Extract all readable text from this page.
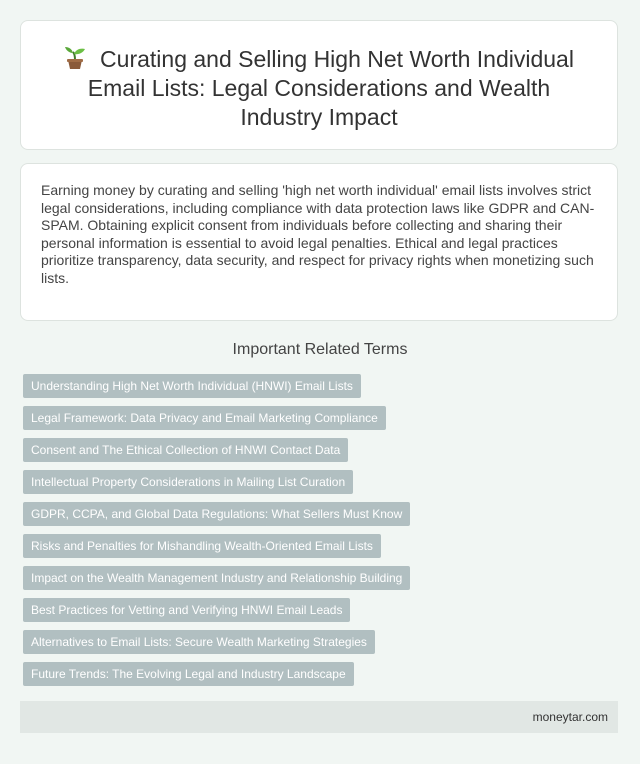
Curating and Selling High Net Worth Individual Email Lists: Legal Considerations and Wealth Industry Impact

Earning money by curating and selling 'high net worth individual' email lists involves strict legal considerations, including compliance with data protection laws like GDPR and CAN-SPAM. Obtaining explicit consent from individuals before collecting and sharing their personal information is essential to avoid legal penalties. Ethical and legal practices prioritize transparency, data security, and respect for privacy rights when monetizing such lists.

Important Related Terms
Understanding High Net Worth Individual (HNWI) Email Lists
Legal Framework: Data Privacy and Email Marketing Compliance
Consent and The Ethical Collection of HNWI Contact Data
Intellectual Property Considerations in Mailing List Curation
GDPR, CCPA, and Global Data Regulations: What Sellers Must Know
Risks and Penalties for Mishandling Wealth-Oriented Email Lists
Impact on the Wealth Management Industry and Relationship Building
Best Practices for Vetting and Verifying HNWI Email Leads
Alternatives to Email Lists: Secure Wealth Marketing Strategies
Future Trends: The Evolving Legal and Industry Landscape
moneytar.com
